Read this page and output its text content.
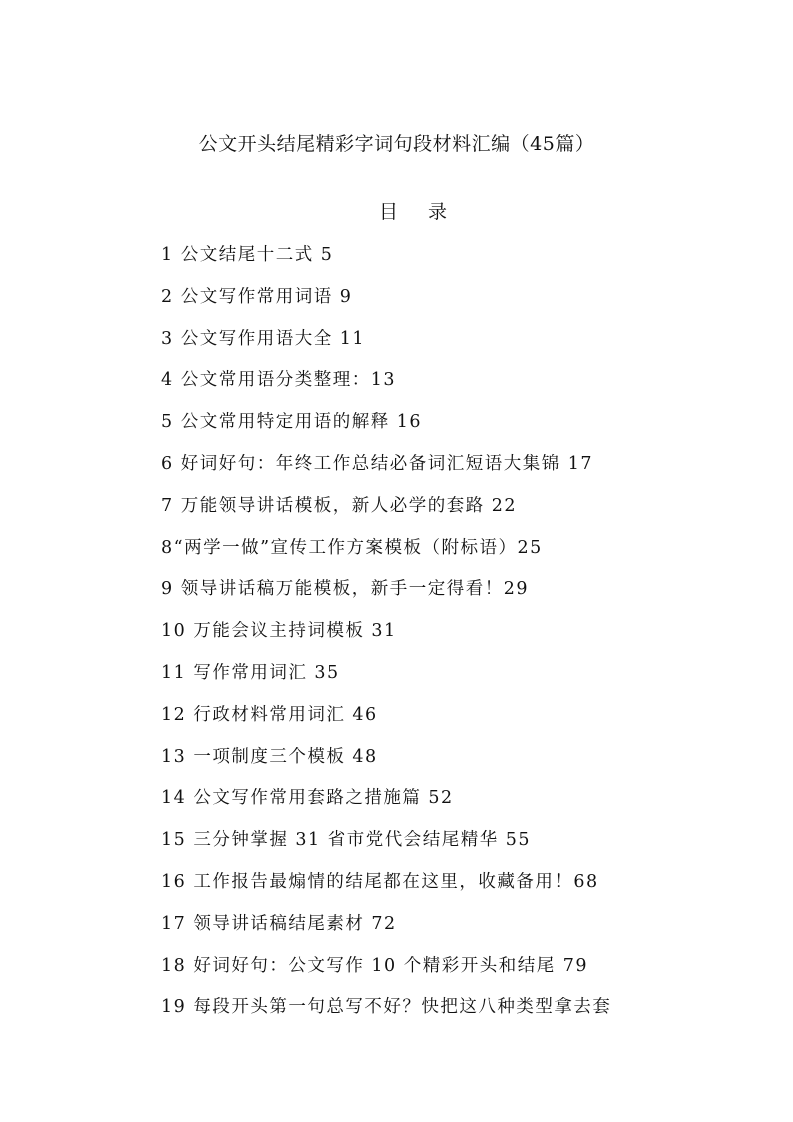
公文开头结尾精彩字词句段材料汇编（45篇）
目 录
1 公文结尾十二式 5
2 公文写作常用词语 9
3 公文写作用语大全 11
4 公文常用语分类整理：13
5 公文常用特定用语的解释 16
6 好词好句：年终工作总结必备词汇短语大集锦 17
7 万能领导讲话模板，新人必学的套路 22
8“两学一做”宣传工作方案模板（附标语）25
9 领导讲话稿万能模板，新手一定得看！29
10 万能会议主持词模板 31
11 写作常用词汇 35
12 行政材料常用词汇 46
13 一项制度三个模板 48
14 公文写作常用套路之措施篇 52
15 三分钟掌握 31 省市党代会结尾精华 55
16 工作报告最煽情的结尾都在这里，收藏备用！68
17 领导讲话稿结尾素材 72
18 好词好句：公文写作 10 个精彩开头和结尾 79
19 每段开头第一句总写不好？快把这八种类型拿去套
